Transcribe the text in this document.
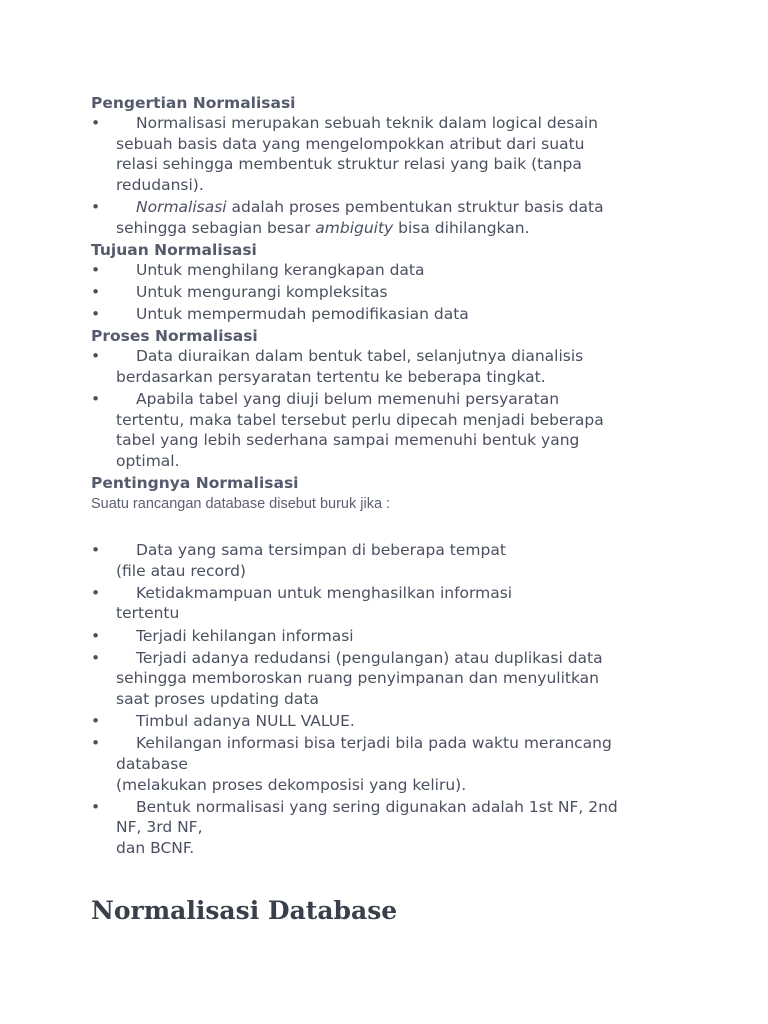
Pengertian Normalisasi
•	Normalisasi merupakan sebuah teknik dalam logical desain
sebuah basis data yang mengelompokkan atribut dari suatu
relasi sehingga membentuk struktur relasi yang baik (tanpa
redudansi).
•	Normalisasi adalah proses pembentukan struktur basis data
sehingga sebagian besar ambiguity bisa dihilangkan.
Tujuan Normalisasi
•	Untuk menghilang kerangkapan data
•	Untuk mengurangi kompleksitas
•	Untuk mempermudah pemodifikasian data
Proses Normalisasi
•	Data diuraikan dalam bentuk tabel, selanjutnya dianalisis
berdasarkan persyaratan tertentu ke beberapa tingkat.
•	Apabila tabel yang diuji belum memenuhi persyaratan
tertentu, maka tabel tersebut perlu dipecah menjadi beberapa
tabel yang lebih sederhana sampai memenuhi bentuk yang
optimal.
Pentingnya Normalisasi

Suatu rancangan database disebut buruk jika :

•	Data yang sama tersimpan di beberapa tempat
(file atau record)
•	Ketidakmampuan untuk menghasilkan informasi
tertentu
•	Terjadi kehilangan informasi
•	Terjadi adanya redudansi (pengulangan) atau duplikasi data
sehingga memboroskan ruang penyimpanan dan menyulitkan
saat proses updating data
•	Timbul adanya NULL VALUE.
•	Kehilangan informasi bisa terjadi bila pada waktu merancang
database
(melakukan proses dekomposisi yang keliru).
•	Bentuk normalisasi yang sering digunakan adalah 1st NF, 2nd
NF, 3rd NF,
dan BCNF.
Normalisasi Database
